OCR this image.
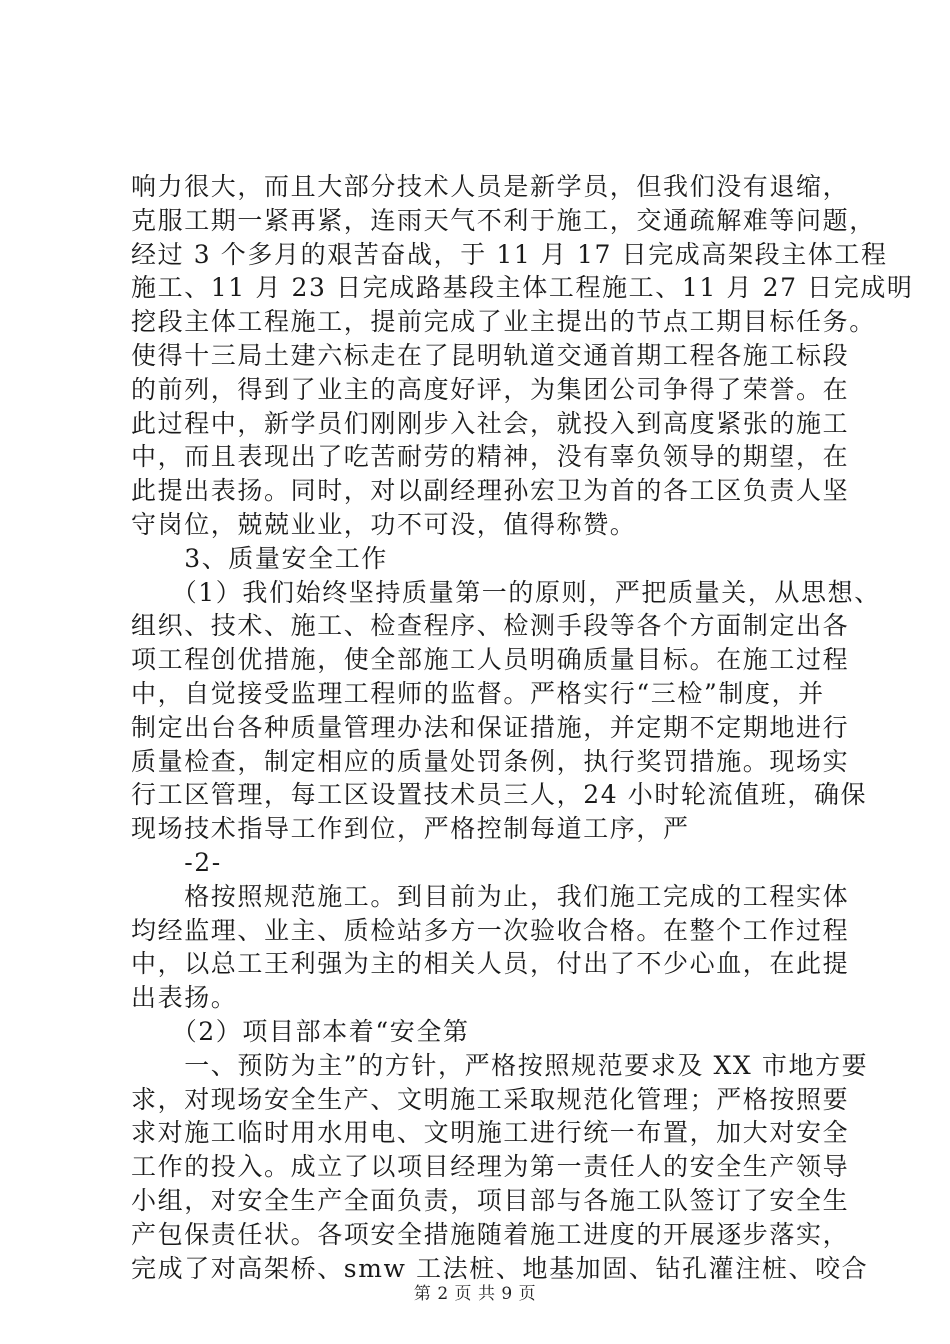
响力很大，而且大部分技术人员是新学员，但我们没有退缩，
克服工期一紧再紧，连雨天气不利于施工，交通疏解难等问题，
经过 3 个多月的艰苦奋战，于 11 月 17 日完成高架段主体工程
施工、11 月 23 日完成路基段主体工程施工、11 月 27 日完成明
挖段主体工程施工，提前完成了业主提出的节点工期目标任务。
使得十三局土建六标走在了昆明轨道交通首期工程各施工标段
的前列，得到了业主的高度好评，为集团公司争得了荣誉。在
此过程中，新学员们刚刚步入社会，就投入到高度紧张的施工
中，而且表现出了吃苦耐劳的精神，没有辜负领导的期望，在
此提出表扬。同时，对以副经理孙宏卫为首的各工区负责人坚
守岗位，兢兢业业，功不可没，值得称赞。
　　3、质量安全工作
　　（1）我们始终坚持质量第一的原则，严把质量关，从思想、
组织、技术、施工、检查程序、检测手段等各个方面制定出各
项工程创优措施，使全部施工人员明确质量目标。在施工过程
中，自觉接受监理工程师的监督。严格实行“三检”制度，并
制定出台各种质量管理办法和保证措施，并定期不定期地进行
质量检查，制定相应的质量处罚条例，执行奖罚措施。现场实
行工区管理，每工区设置技术员三人，24 小时轮流值班，确保
现场技术指导工作到位，严格控制每道工序，严
　　-2-
　　格按照规范施工。到目前为止，我们施工完成的工程实体
均经监理、业主、质检站多方一次验收合格。在整个工作过程
中，以总工王利强为主的相关人员，付出了不少心血，在此提
出表扬。
　　（2）项目部本着“安全第
　　一、预防为主”的方针，严格按照规范要求及 XX 市地方要
求，对现场安全生产、文明施工采取规范化管理；严格按照要
求对施工临时用水用电、文明施工进行统一布置，加大对安全
工作的投入。成立了以项目经理为第一责任人的安全生产领导
小组，对安全生产全面负责，项目部与各施工队签订了安全生
产包保责任状。各项安全措施随着施工进度的开展逐步落实，
完成了对高架桥、smw 工法桩、地基加固、钻孔灌注桩、咬合
第 2 页 共 9 页
